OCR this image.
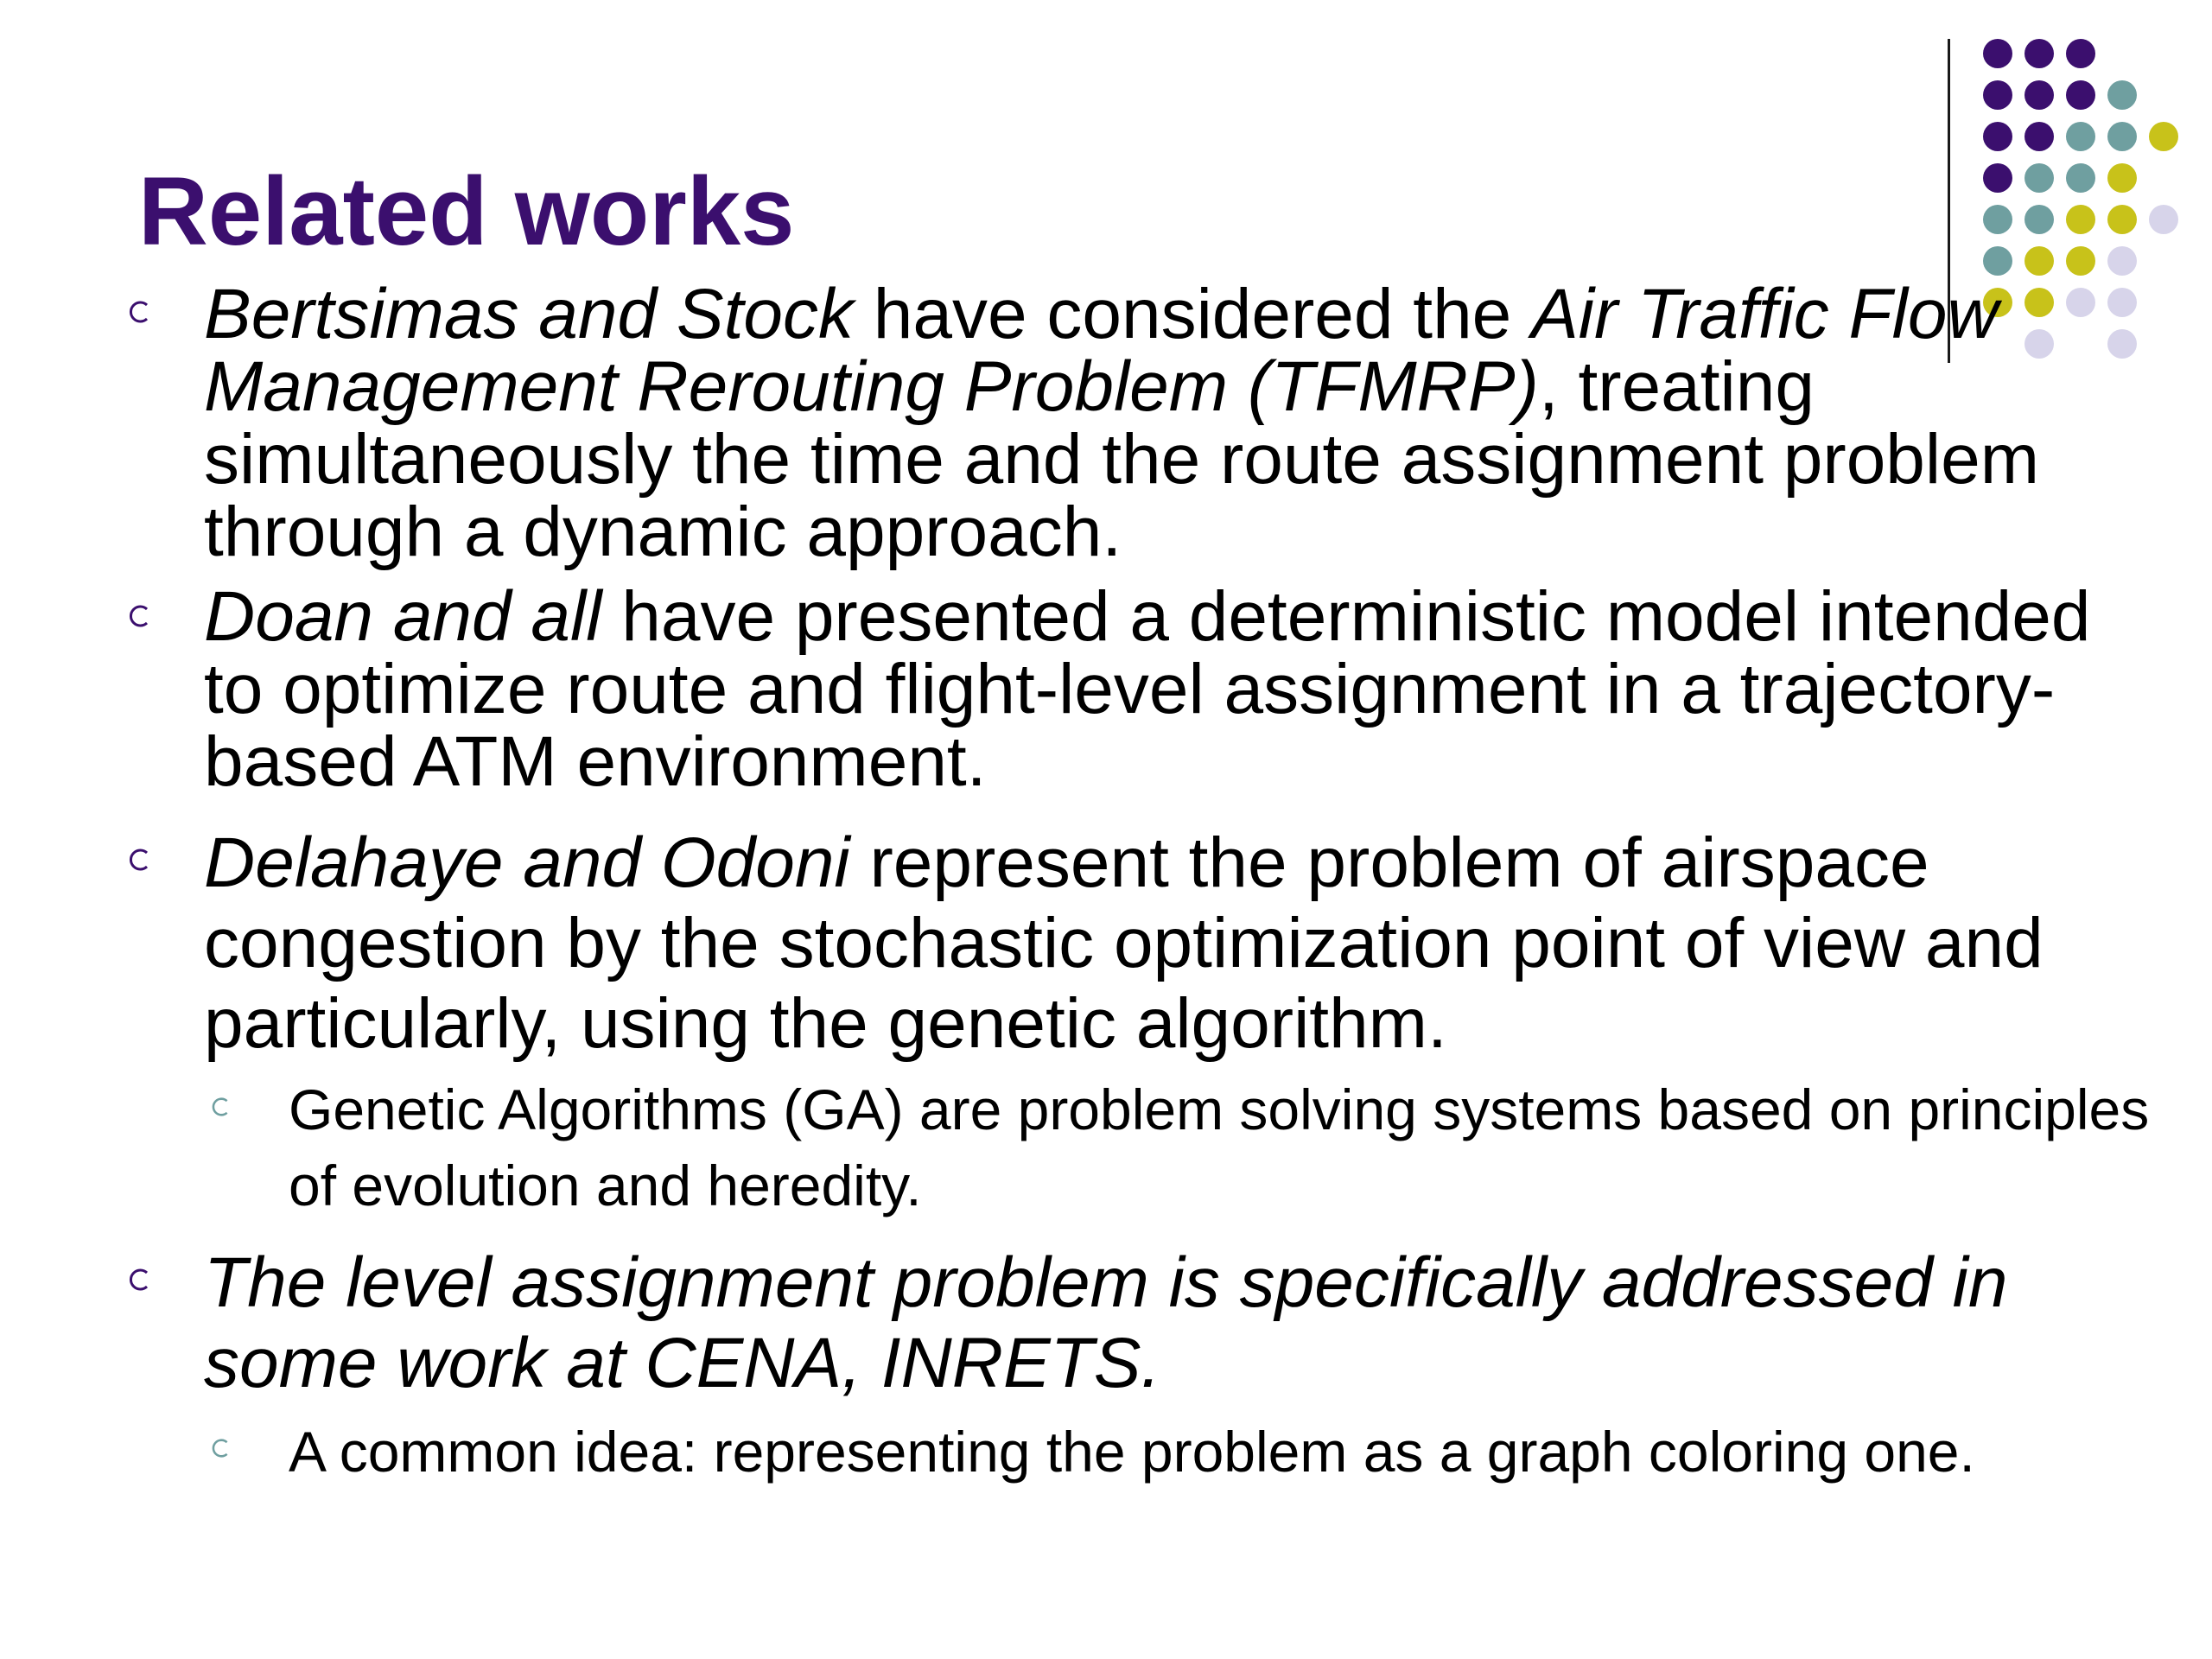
Related works

Bertsimas and Stock have considered the Air Traffic Flow Management Rerouting Problem (TFMRP), treating simultaneously the time and the route assignment problem through a dynamic approach.

Doan and all have presented a deterministic model intended to optimize route and flight-level assignment in a trajectory-based ATM environment.

Delahaye and Odoni represent the problem of airspace congestion by the stochastic optimization point of view and particularly, using the genetic algorithm.

Genetic Algorithms (GA) are problem solving systems based on principles of evolution and heredity.

The level assignment problem is specifically addressed in some work at CENA, INRETS.

A common idea: representing the problem as a graph coloring one.
